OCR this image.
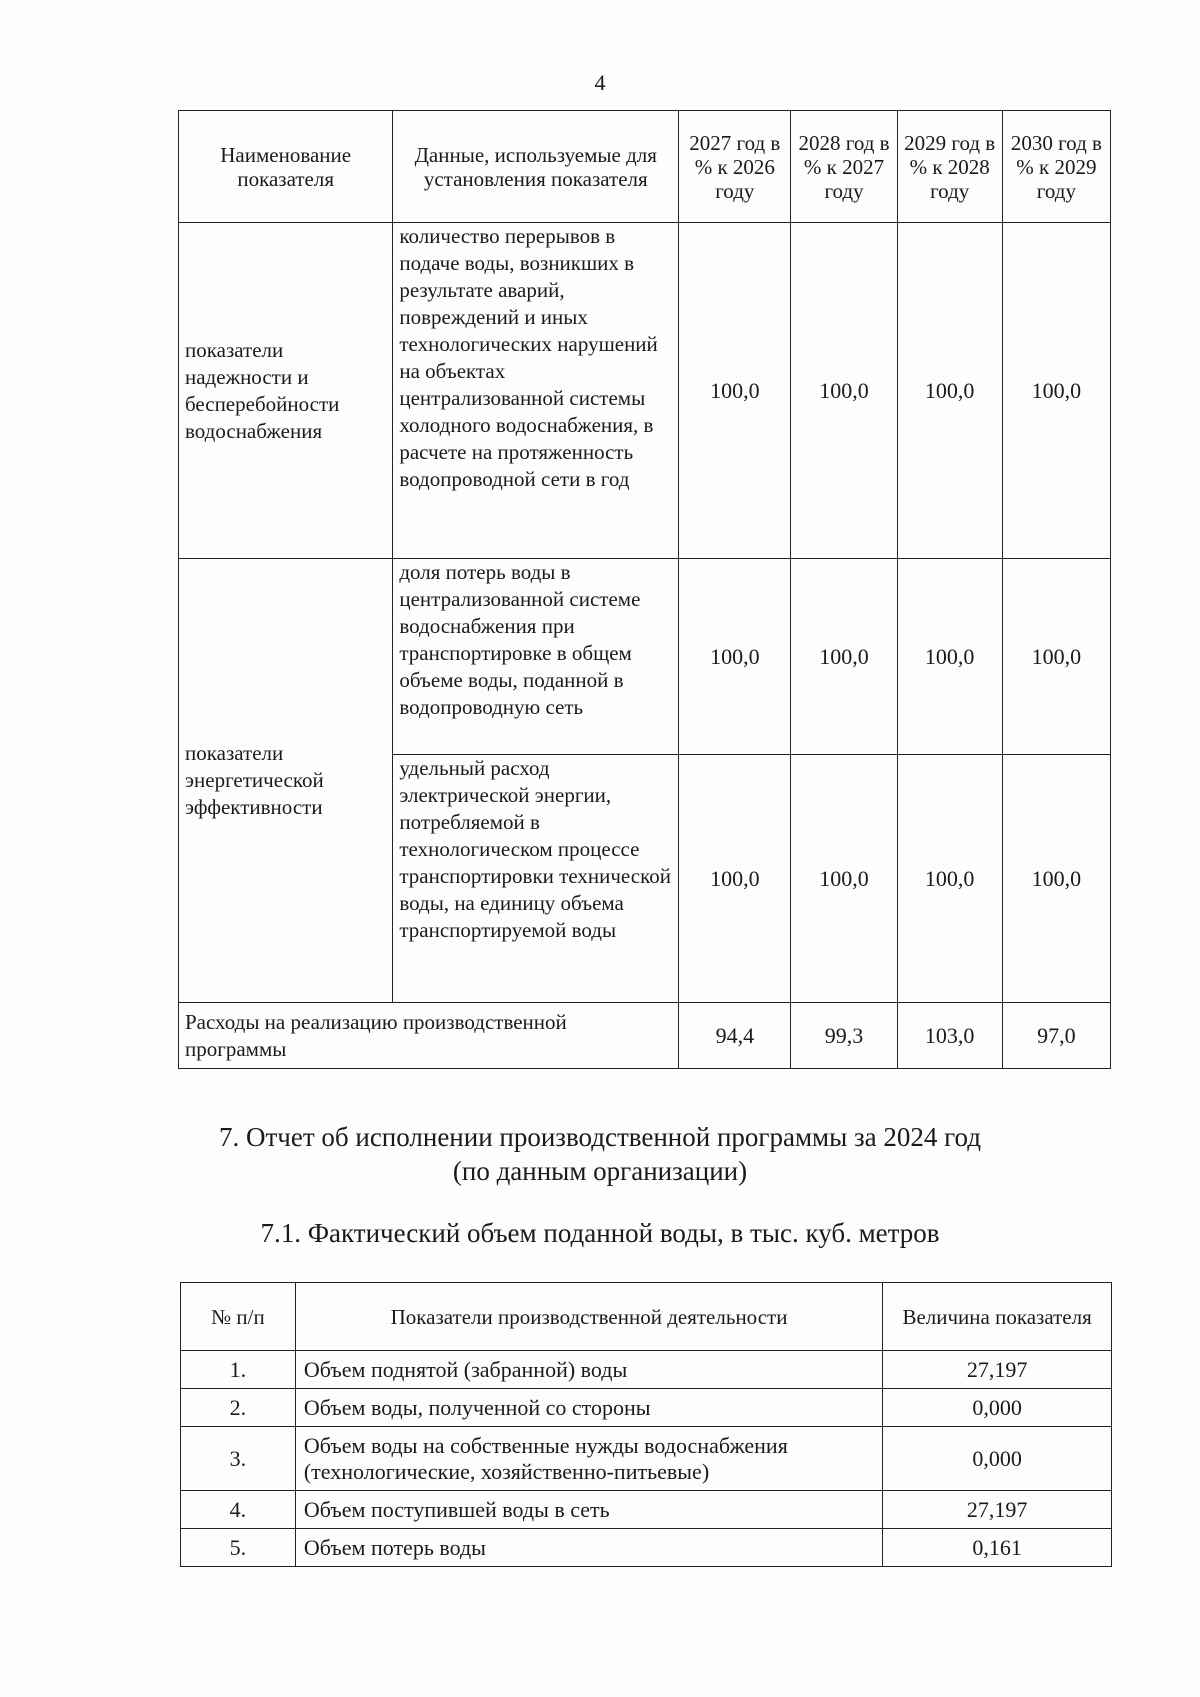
4
Наименование показателя	Данные, используемые для установления показателя	2027 год в % к 2026 году	2028 год в % к 2027 году	2029 год в % к 2028 году	2030 год в % к 2029 году
показатели надежности и бесперебойности водоснабжения	количество перерывов в подаче воды, возникших в результате аварий, повреждений и иных технологических нарушений на объектах централизованной системы холодного водоснабжения, в расчете на протяженность водопроводной сети в год	100,0	100,0	100,0	100,0
показатели энергетической эффективности	доля потерь воды в централизованной системе водоснабжения при транспортировке в общем объеме воды, поданной в водопроводную сеть	100,0	100,0	100,0	100,0
	удельный расход электрической энергии, потребляемой в технологическом процессе транспортировки технической воды, на единицу объема транспортируемой воды	100,0	100,0	100,0	100,0
Расходы на реализацию производственной программы		94,4	99,3	103,0	97,0
7. Отчет об исполнении производственной программы за 2024 год
(по данным организации)
7.1. Фактический объем поданной воды, в тыс. куб. метров
№ п/п	Показатели производственной деятельности	Величина показателя
1.	Объем поднятой (забранной) воды	27,197
2.	Объем воды, полученной со стороны	0,000
3.	Объем воды на собственные нужды водоснабжения (технологические, хозяйственно-питьевые)	0,000
4.	Объем поступившей воды в сеть	27,197
5.	Объем потерь воды	0,161
